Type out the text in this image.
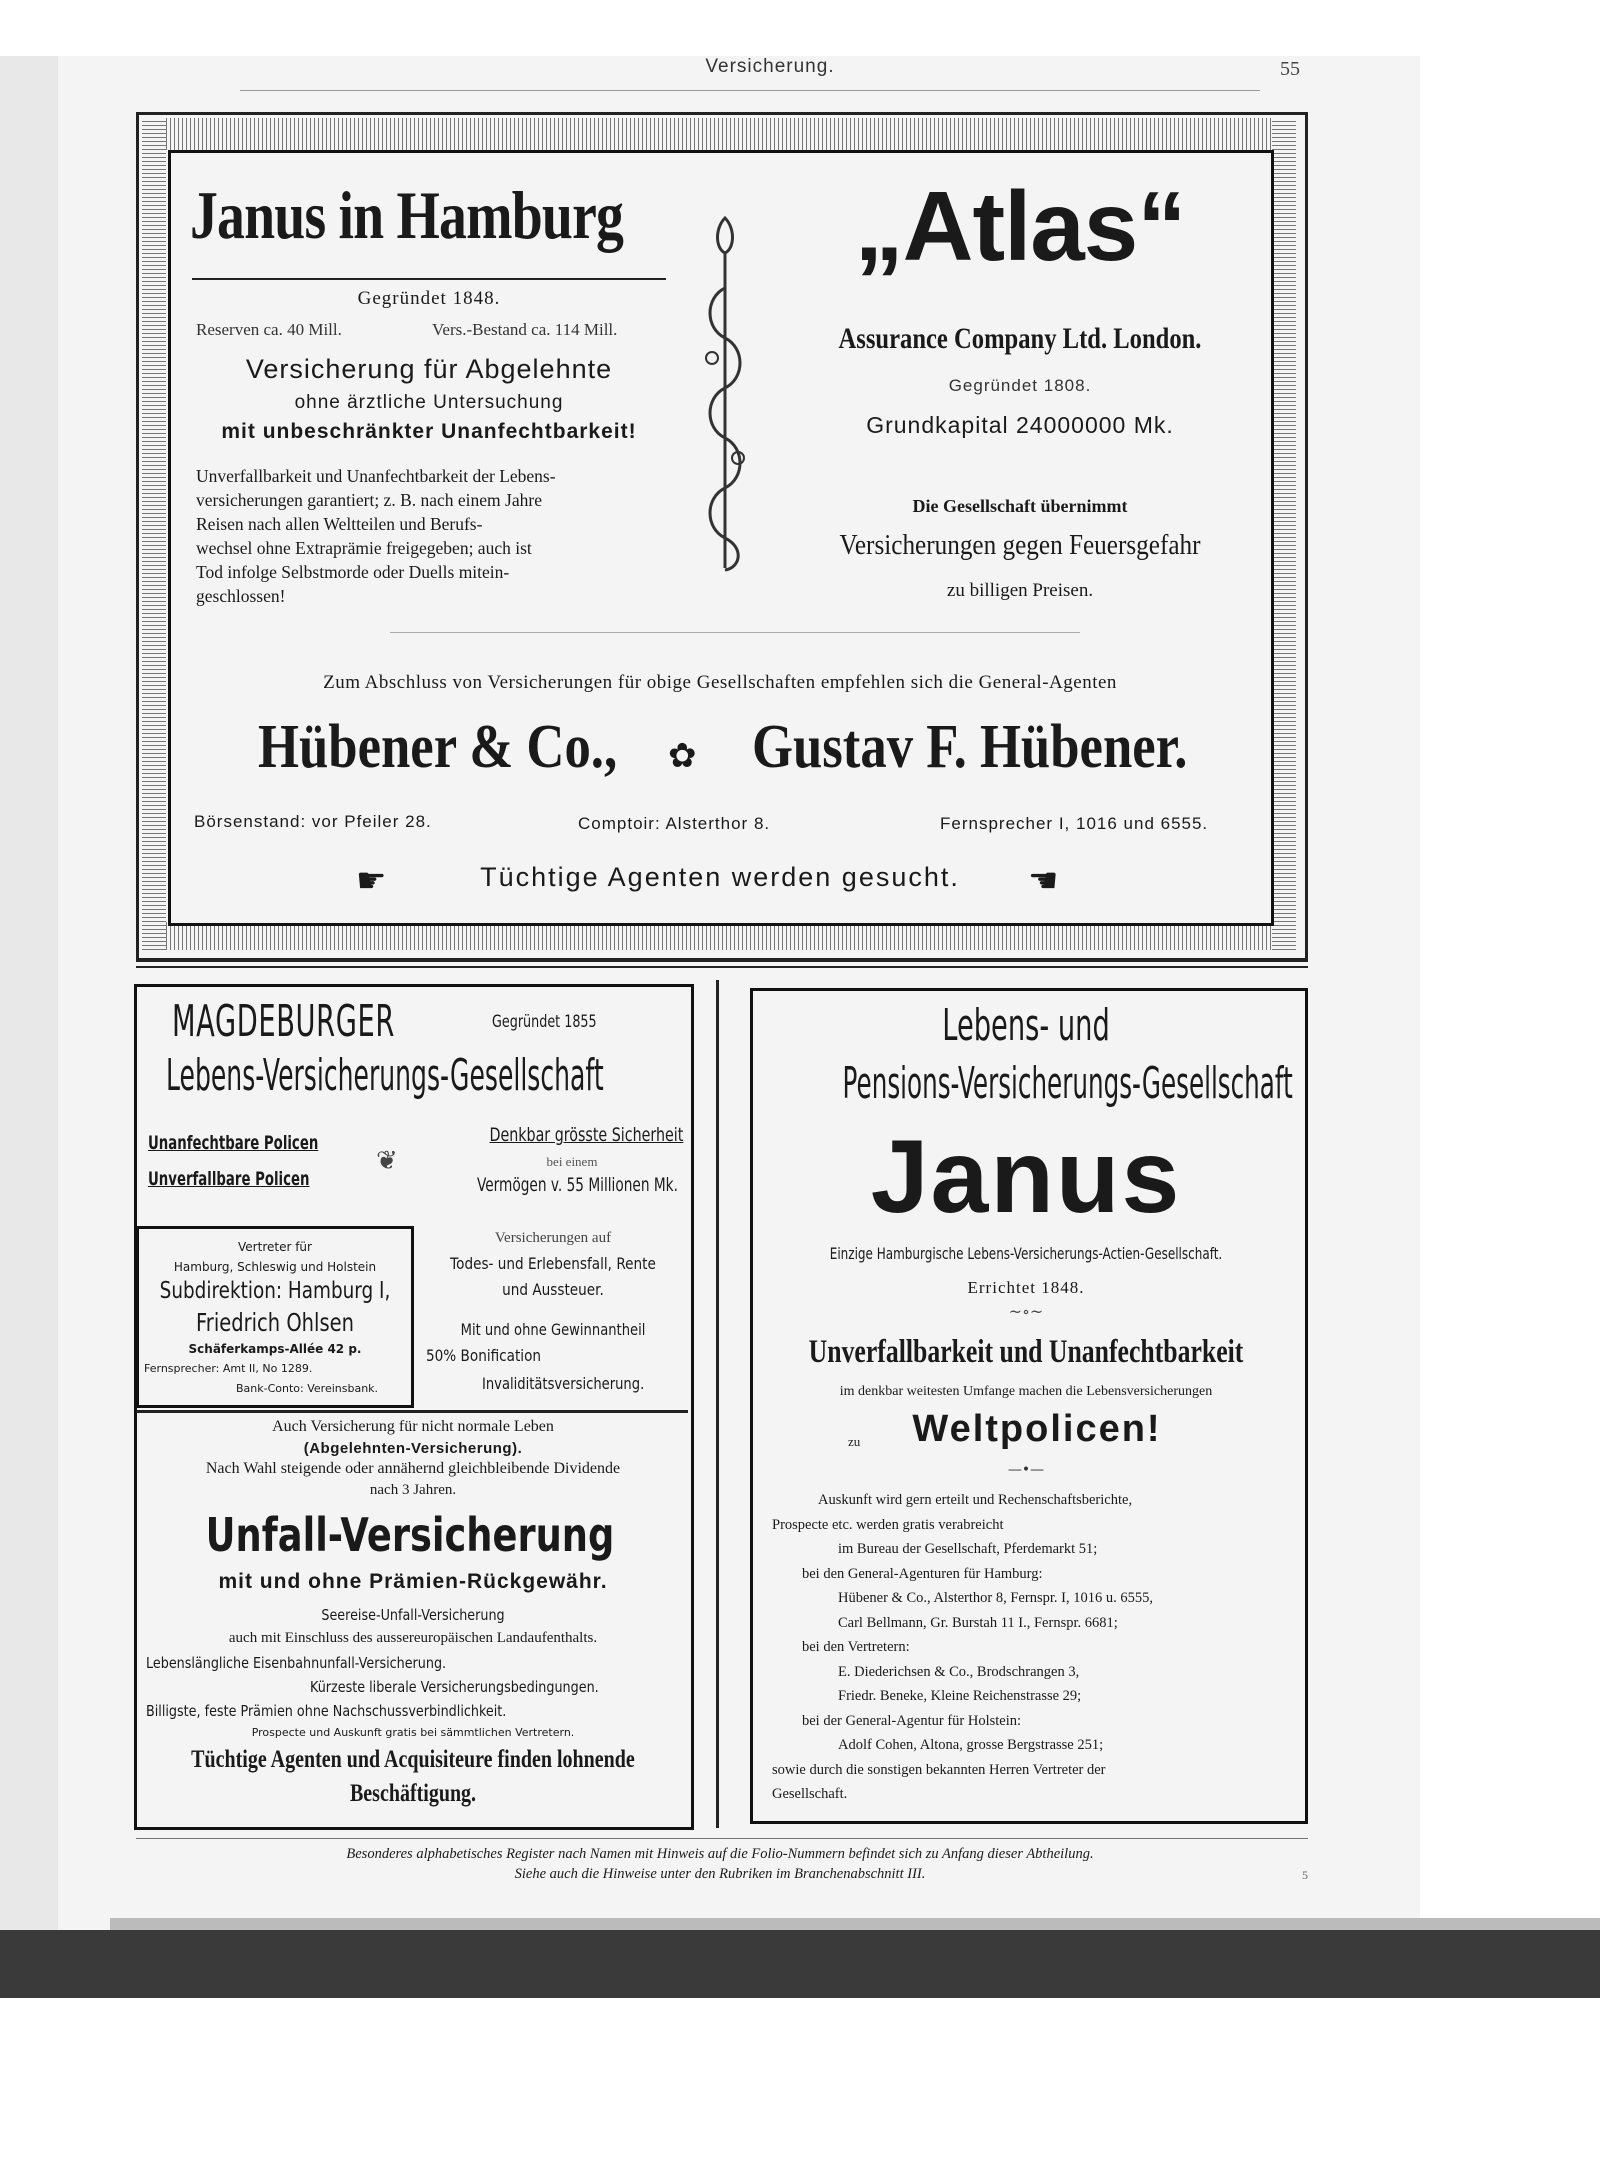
Versicherung.	55
Janus in Hamburg
Gegründet 1848.
Reserven ca. 40 Mill.	Vers.-Bestand ca. 114 Mill.
Versicherung für Abgelehnte
ohne ärztliche Untersuchung
mit unbeschränkter Unanfechtbarkeit!
Unverfallbarkeit und Unanfechtbarkeit der Lebens-
versicherungen garantiert; z. B. nach einem Jahre
Reisen nach allen Weltteilen und Berufs-
wechsel ohne Extraprämie freigegeben; auch ist
Tod infolge Selbstmorde oder Duells mitein-
geschlossen!
„Atlas“
Assurance Company Ltd. London.
Gegründet 1808.
Grundkapital 24000000 Mk.
Die Gesellschaft übernimmt
Versicherungen gegen Feuersgefahr
zu billigen Preisen.
Zum Abschluss von Versicherungen für obige Gesellschaften empfehlen sich die General-Agenten
Hübener & Co., ✿ Gustav F. Hübener.
Börsenstand: vor Pfeiler 28.	Comptoir: Alsterthor 8.	Fernsprecher I, 1016 und 6555.
☛	Tüchtige Agenten werden gesucht.	☛
MAGDEBURGER	Gegründet 1855
Lebens-Versicherungs-Gesellschaft
Unanfechtbare Policen
Unverfallbare Policen
❦
Denkbar grösste Sicherheit
bei einem
Vermögen v. 55 Millionen Mk.
Vertreter für
Hamburg, Schleswig und Holstein
Subdirektion: Hamburg I,
Friedrich Ohlsen
Schäferkamps-Allée 42 p.
Fernsprecher: Amt II, No 1289.
Bank-Conto: Vereinsbank.
Versicherungen auf
Todes- und Erlebensfall, Rente
und Aussteuer.
Mit und ohne Gewinnantheil
50% Bonification
Invaliditätsversicherung.
Auch Versicherung für nicht normale Leben
(Abgelehnten-Versicherung).
Nach Wahl steigende oder annähernd gleichbleibende Dividende
nach 3 Jahren.
Unfall-Versicherung
mit und ohne Prämien-Rückgewähr.
Seereise-Unfall-Versicherung
auch mit Einschluss des aussereuropäischen Landaufenthalts.
Lebenslängliche Eisenbahnunfall-Versicherung.
Kürzeste liberale Versicherungsbedingungen.
Billigste, feste Prämien ohne Nachschussverbindlichkeit.
Prospecte und Auskunft gratis bei sämmtlichen Vertretern.
Tüchtige Agenten und Acquisiteure finden lohnende
Beschäftigung.
Lebens- und
Pensions-Versicherungs-Gesellschaft
Janus
Einzige Hamburgische Lebens-Versicherungs-Actien-Gesellschaft.
Errichtet 1848.
~∘~
Unverfallbarkeit und Unanfechtbarkeit
im denkbar weitesten Umfange machen die Lebensversicherungen
zu	Weltpolicen!
—•—
Auskunft wird gern erteilt und Rechenschaftsberichte,
Prospecte etc. werden gratis verabreicht
im Bureau der Gesellschaft, Pferdemarkt 51;
bei den General-Agenturen für Hamburg:
Hübener & Co., Alsterthor 8, Fernspr. I, 1016 u. 6555,
Carl Bellmann, Gr. Burstah 11 I., Fernspr. 6681;
bei den Vertretern:
E. Diederichsen & Co., Brodschrangen 3,
Friedr. Beneke, Kleine Reichenstrasse 29;
bei der General-Agentur für Holstein:
Adolf Cohen, Altona, grosse Bergstrasse 251;
sowie durch die sonstigen bekannten Herren Vertreter der
Gesellschaft.
Besonderes alphabetisches Register nach Namen mit Hinweis auf die Folio-Nummern befindet sich zu Anfang dieser Abtheilung.
Siehe auch die Hinweise unter den Rubriken im Branchenabschnitt III.	5
